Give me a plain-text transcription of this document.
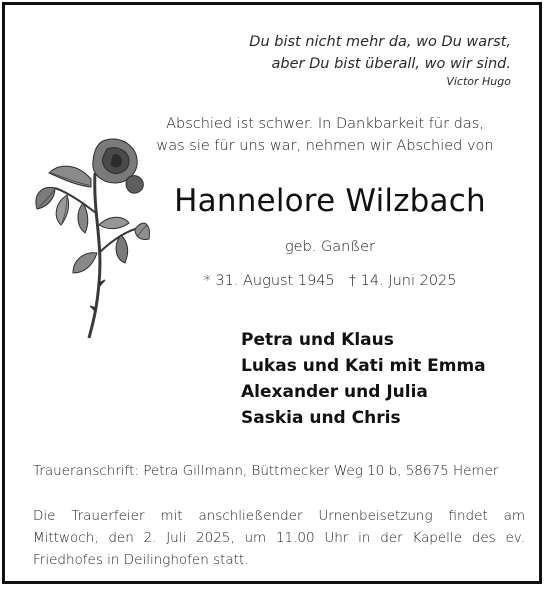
Du bist nicht mehr da, wo Du warst,
aber Du bist überall, wo wir sind.
Victor Hugo
Abschied ist schwer. In Dankbarkeit für das,
was sie für uns war, nehmen wir Abschied von
Hannelore Wilzbach
geb. Ganßer
* 31. August 1945 † 14. Juni 2025
Petra und Klaus
Lukas und Kati mit Emma
Alexander und Julia
Saskia und Chris
Traueranschrift: Petra Gillmann, Büttmecker Weg 10 b, 58675 Hemer
Die Trauerfeier mit anschließender Urnenbeisetzung findet am Mittwoch, den 2. Juli 2025, um 11.00 Uhr in der Kapelle des ev. Friedhofes in Deilinghofen statt.
